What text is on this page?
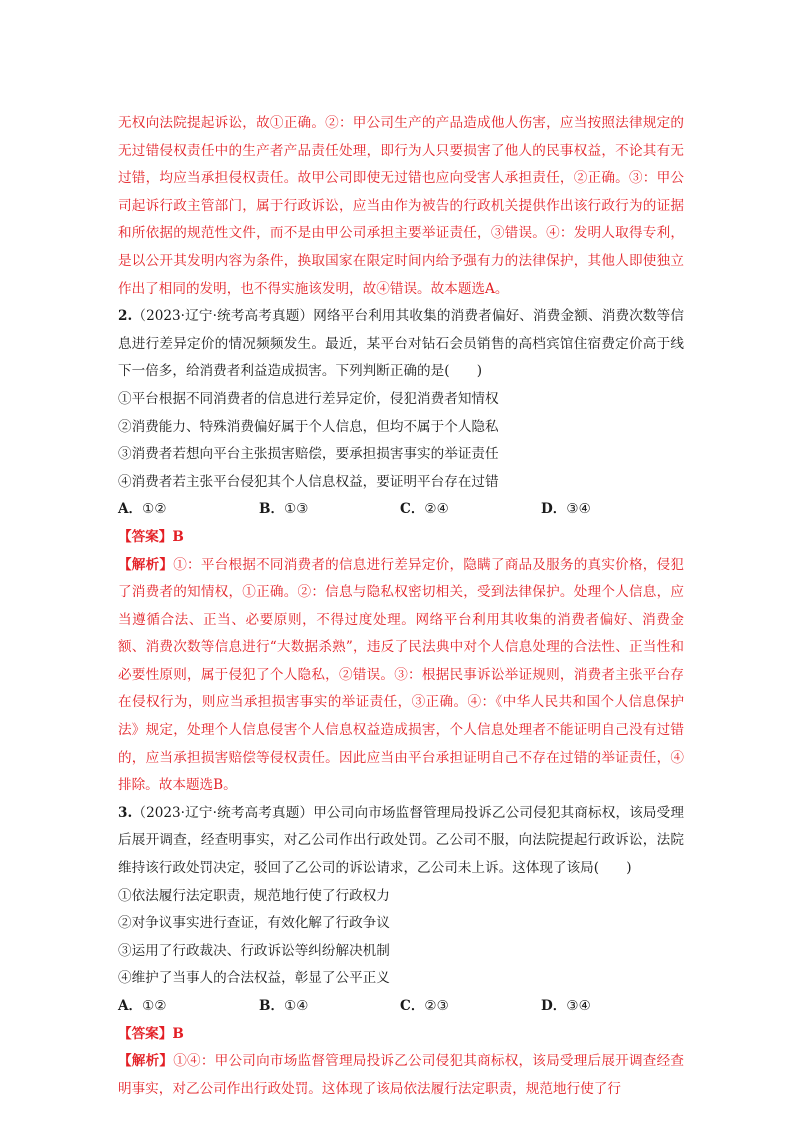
无权向法院提起诉讼，故①正确。②：甲公司生产的产品造成他人伤害，应当按照法律规定的无过错侵权责任中的生产者产品责任处理，即行为人只要损害了他人的民事权益，不论其有无过错，均应当承担侵权责任。故甲公司即使无过错也应向受害人承担责任，②正确。③：甲公司起诉行政主管部门，属于行政诉讼，应当由作为被告的行政机关提供作出该行政行为的证据和所依据的规范性文件，而不是由甲公司承担主要举证责任，③错误。④：发明人取得专利，是以公开其发明内容为条件，换取国家在限定时间内给予强有力的法律保护，其他人即使独立作出了相同的发明，也不得实施该发明，故④错误。故本题选A。
2.（2023·辽宁·统考高考真题）网络平台利用其收集的消费者偏好、消费金额、消费次数等信息进行差异定价的情况频频发生。最近，某平台对钻石会员销售的高档宾馆住宿费定价高于线下一倍多，给消费者利益造成损害。下列判断正确的是(　　)
①平台根据不同消费者的信息进行差异定价，侵犯消费者知情权
②消费能力、特殊消费偏好属于个人信息，但均不属于个人隐私
③消费者若想向平台主张损害赔偿，要承担损害事实的举证责任
④消费者若主张平台侵犯其个人信息权益，要证明平台存在过错
A．①②	B．①③	C．②④	D．③④
【答案】B
【解析】①：平台根据不同消费者的信息进行差异定价，隐瞒了商品及服务的真实价格，侵犯了消费者的知情权，①正确。②：信息与隐私权密切相关，受到法律保护。处理个人信息，应当遵循合法、正当、必要原则，不得过度处理。网络平台利用其收集的消费者偏好、消费金额、消费次数等信息进行“大数据杀熟”，违反了民法典中对个人信息处理的合法性、正当性和必要性原则，属于侵犯了个人隐私，②错误。③：根据民事诉讼举证规则，消费者主张平台存在侵权行为，则应当承担损害事实的举证责任，③正确。④：《中华人民共和国个人信息保护法》规定，处理个人信息侵害个人信息权益造成损害，个人信息处理者不能证明自己没有过错的，应当承担损害赔偿等侵权责任。因此应当由平台承担证明自己不存在过错的举证责任，④排除。故本题选B。
3.（2023·辽宁·统考高考真题）甲公司向市场监督管理局投诉乙公司侵犯其商标权，该局受理后展开调查，经查明事实，对乙公司作出行政处罚。乙公司不服，向法院提起行政诉讼，法院维持该行政处罚决定，驳回了乙公司的诉讼请求，乙公司未上诉。这体现了该局(　　)
①依法履行法定职责，规范地行使了行政权力
②对争议事实进行查证，有效化解了行政争议
③运用了行政裁决、行政诉讼等纠纷解决机制
④维护了当事人的合法权益，彰显了公平正义
A．①②	B．①④	C．②③	D．③④
【答案】B
【解析】①④：甲公司向市场监督管理局投诉乙公司侵犯其商标权，该局受理后展开调查经查明事实，对乙公司作出行政处罚。这体现了该局依法履行法定职责，规范地行使了行
